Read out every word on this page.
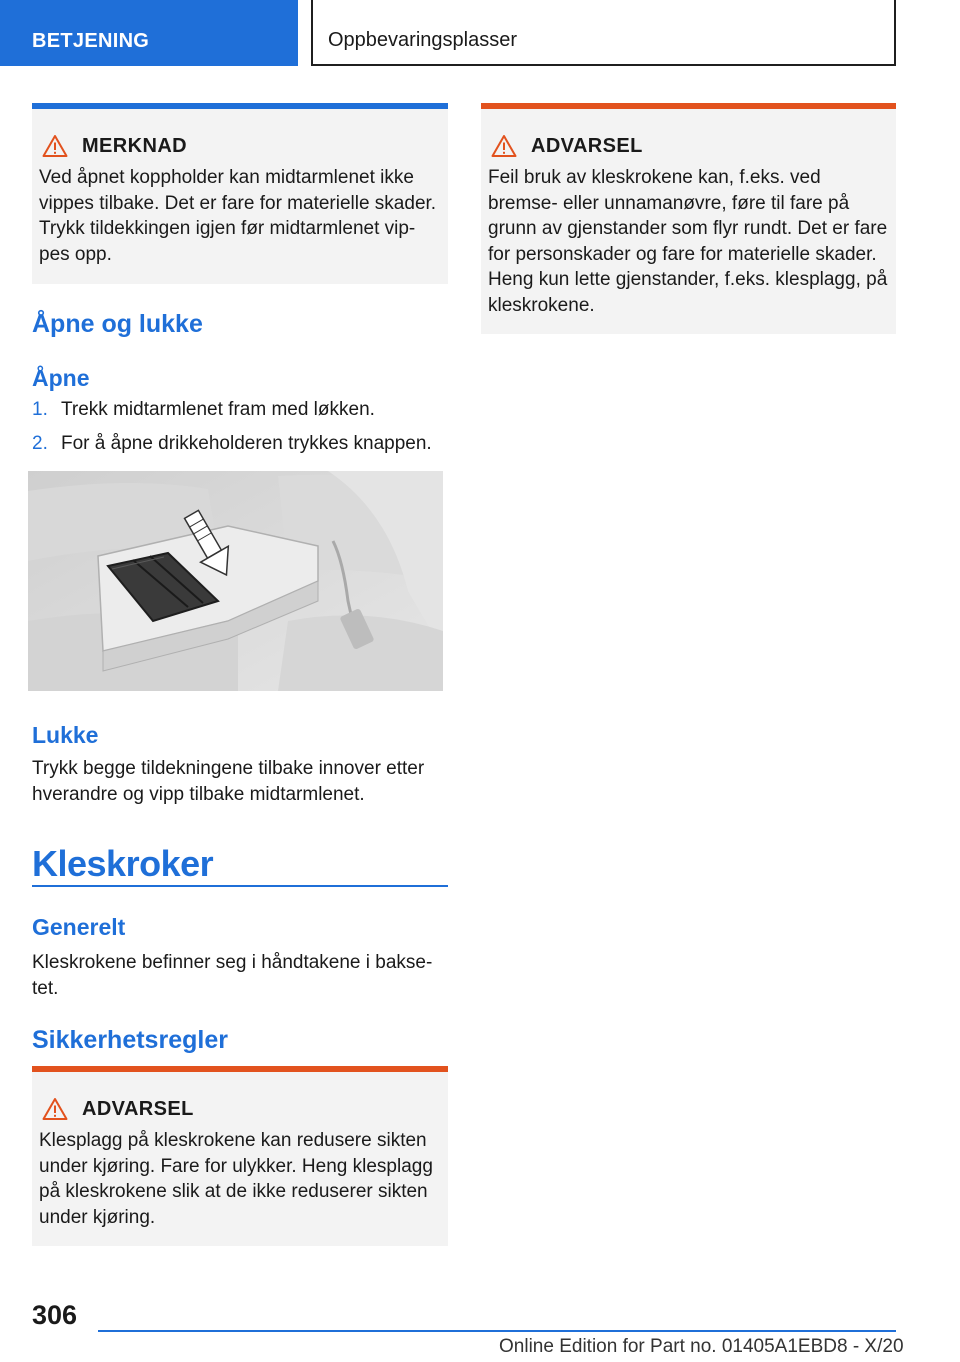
BETJENING	Oppbevaringsplasser
MERKNAD
Ved åpnet koppholder kan midtarmlenet ikke
vippes tilbake. Det er fare for materielle skader.
Trykk tildekkingen igjen før midtarmlenet vip-
pes opp.
Åpne og lukke
Åpne
1. Trekk midtarmlenet fram med løkken.
2. For å åpne drikkeholderen trykkes knappen.
Lukke
Trykk begge tildekningene tilbake innover etter
hverandre og vipp tilbake midtarmlenet.
Kleskroker
Generelt
Kleskrokene befinner seg i håndtakene i bakse-
tet.
Sikkerhetsregler
ADVARSEL
Klesplagg på kleskrokene kan redusere sikten
under kjøring. Fare for ulykker. Heng klesplagg
på kleskrokene slik at de ikke reduserer sikten
under kjøring.
ADVARSEL
Feil bruk av kleskrokene kan, f.eks. ved
bremse- eller unnamanøvre, føre til fare på
grunn av gjenstander som flyr rundt. Det er fare
for personskader og fare for materielle skader.
Heng kun lette gjenstander, f.eks. klesplagg, på
kleskrokene.
306
Online Edition for Part no. 01405A1EBD8 - X/20
